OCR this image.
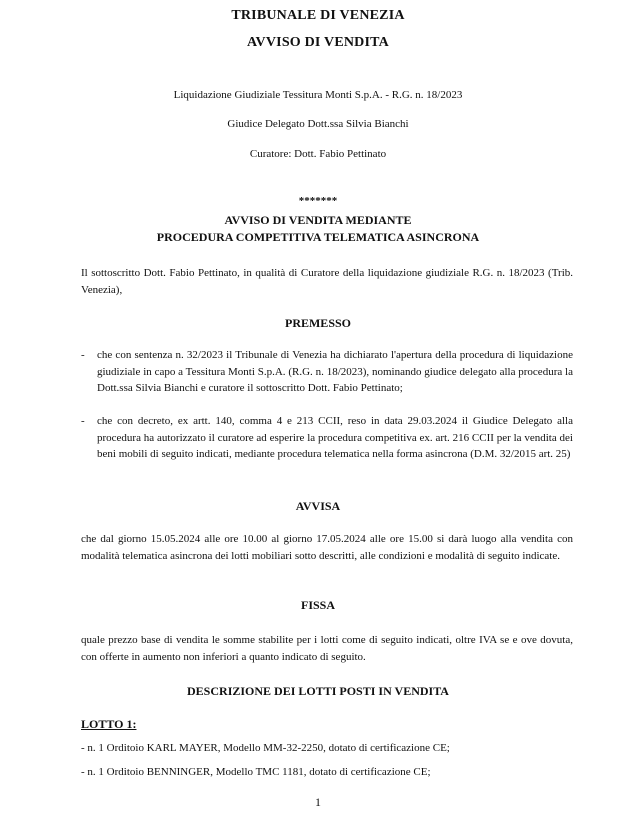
TRIBUNALE DI VENEZIA
AVVISO DI VENDITA
Liquidazione Giudiziale Tessitura Monti S.p.A. - R.G. n. 18/2023
Giudice Delegato Dott.ssa Silvia Bianchi
Curatore: Dott. Fabio Pettinato
*******
AVVISO DI VENDITA MEDIANTE
PROCEDURA COMPETITIVA TELEMATICA ASINCRONA
Il sottoscritto Dott. Fabio Pettinato, in qualità di Curatore della liquidazione giudiziale R.G. n. 18/2023 (Trib. Venezia),
PREMESSO
- che con sentenza n. 32/2023 il Tribunale di Venezia ha dichiarato l'apertura della procedura di liquidazione giudiziale in capo a Tessitura Monti S.p.A. (R.G. n. 18/2023), nominando giudice delegato alla procedura la Dott.ssa Silvia Bianchi e curatore il sottoscritto Dott. Fabio Pettinato;
- che con decreto, ex artt. 140, comma 4 e 213 CCII, reso in data 29.03.2024 il Giudice Delegato alla procedura ha autorizzato il curatore ad esperire la procedura competitiva ex. art. 216 CCII per la vendita dei beni mobili di seguito indicati, mediante procedura telematica nella forma asincrona (D.M. 32/2015 art. 25)
AVVISA
che dal giorno 15.05.2024 alle ore 10.00 al giorno 17.05.2024 alle ore 15.00 si darà luogo alla vendita con modalità telematica asincrona dei lotti mobiliari sotto descritti, alle condizioni e modalità di seguito indicate.
FISSA
quale prezzo base di vendita le somme stabilite per i lotti come di seguito indicati, oltre IVA se e ove dovuta, con offerte in aumento non inferiori a quanto indicato di seguito.
DESCRIZIONE DEI LOTTI POSTI IN VENDITA
LOTTO 1:
- n. 1 Orditoio KARL MAYER, Modello MM-32-2250, dotato di certificazione CE;
- n. 1 Orditoio BENNINGER, Modello TMC 1181, dotato di certificazione CE;
1
